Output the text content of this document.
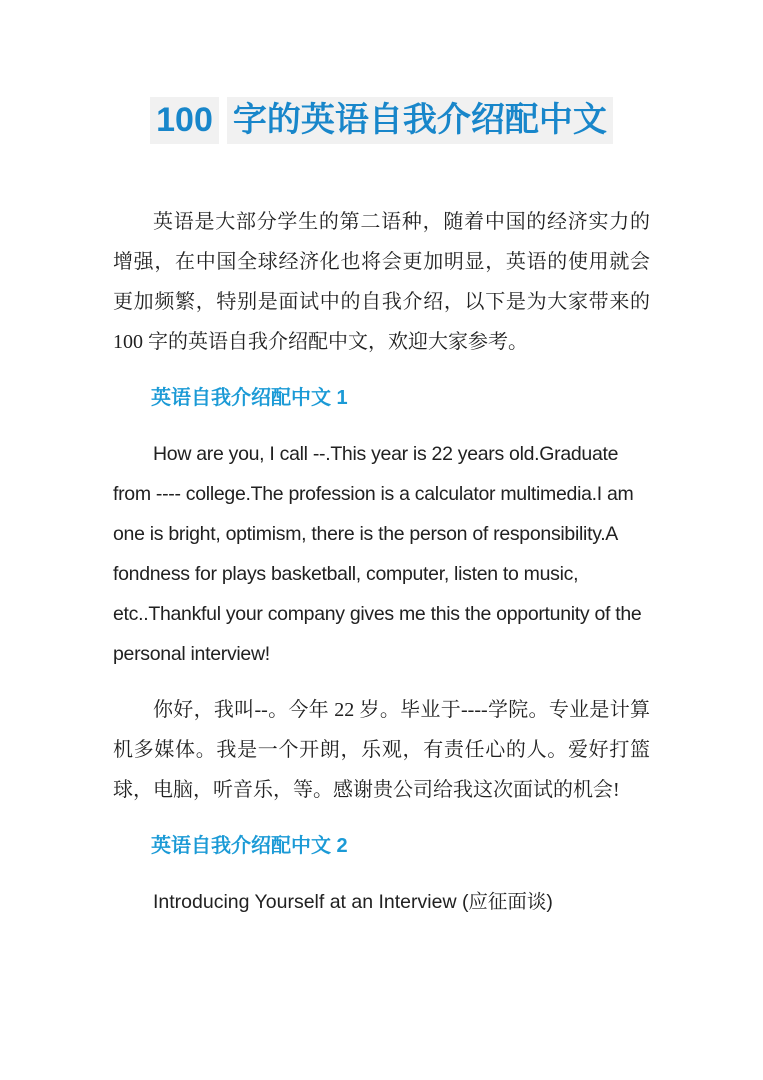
100 字的英语自我介绍配中文

英语是大部分学生的第二语种，随着中国的经济实力的增强，在中国全球经济化也将会更加明显，英语的使用就会更加频繁，特别是面试中的自我介绍，以下是为大家带来的 100 字的英语自我介绍配中文，欢迎大家参考。

英语自我介绍配中文 1

How are you, I call --.This year is 22 years old.Graduate from ---- college.The profession is a calculator multimedia.I am one is bright, optimism, there is the person of responsibility.A fondness for plays basketball, computer, listen to music, etc..Thankful your company gives me this the opportunity of the personal interview!

你好，我叫--。今年 22 岁。毕业于----学院。专业是计算机多媒体。我是一个开朗，乐观，有责任心的人。爱好打篮球，电脑，听音乐，等。感谢贵公司给我这次面试的机会!

英语自我介绍配中文 2

Introducing Yourself at an Interview (应征面谈)
